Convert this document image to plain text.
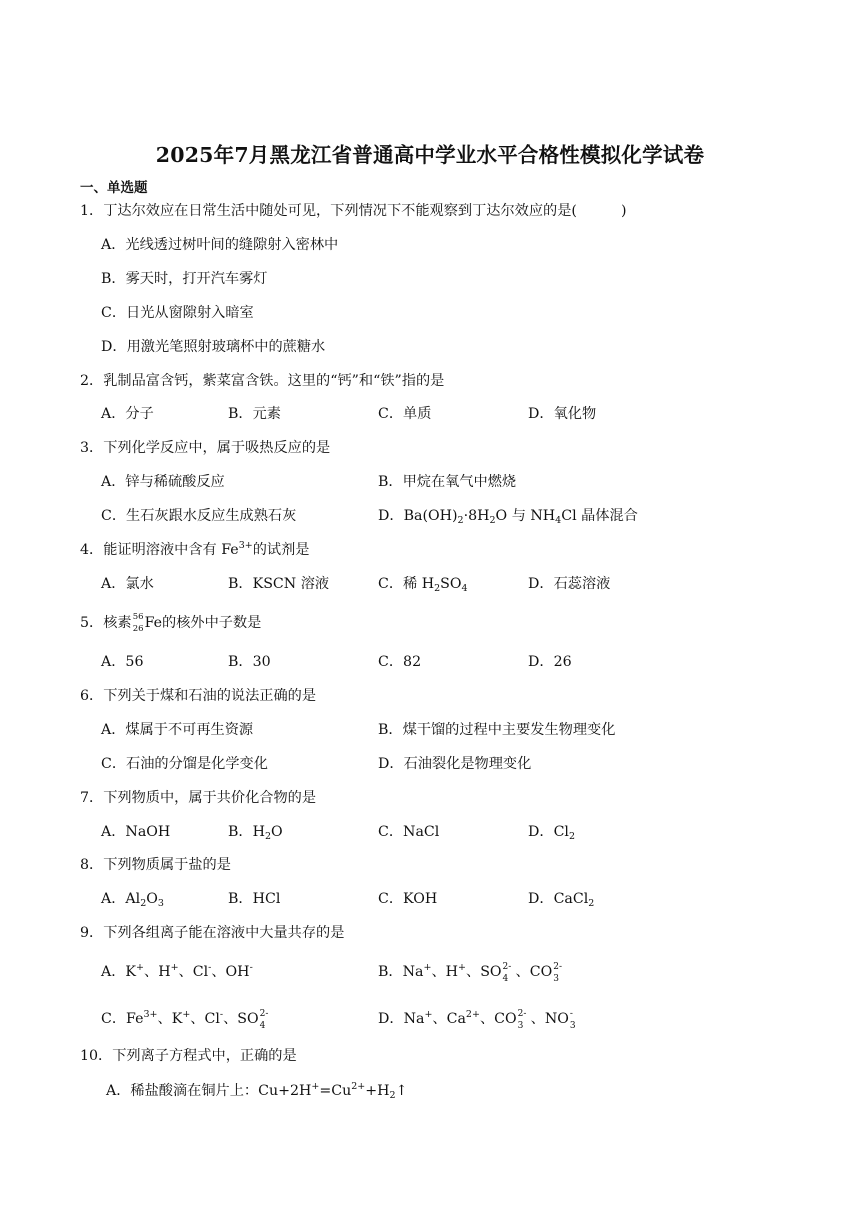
2025年7月黑龙江省普通高中学业水平合格性模拟化学试卷
一、单选题
1．丁达尔效应在日常生活中随处可见，下列情况下不能观察到丁达尔效应的是(	)
A．光线透过树叶间的缝隙射入密林中
B．雾天时，打开汽车雾灯
C．日光从窗隙射入暗室
D．用激光笔照射玻璃杯中的蔗糖水
2．乳制品富含钙，紫菜富含铁。这里的“钙”和“铁”指的是
A．分子	B．元素	C．单质	D．氧化物
3．下列化学反应中，属于吸热反应的是
A．锌与稀硫酸反应	B．甲烷在氧气中燃烧
C．生石灰跟水反应生成熟石灰	D．$Ba(OH)_2\cdot 8H_2O$ 与 $NH_4Cl$ 晶体混合
4．能证明溶液中含有 $Fe^{3+}$的试剂是
A．氯水	B．KSCN 溶液	C．稀 $H_2SO_4$	D．石蕊溶液
5．核素 56
26 Fe的核外中子数是
A．56	B．30	C．82	D．26
6．下列关于煤和石油的说法正确的是
A．煤属于不可再生资源	B．煤干馏的过程中主要发生物理变化
C．石油的分馏是化学变化	D．石油裂化是物理变化
7．下列物质中，属于共价化合物的是
A．NaOH	B．$H_2O$	C．NaCl	D．$Cl_2$
8．下列物质属于盐的是
A．$Al_2O_3$	B．HCl	C．KOH	D．CaCl$_2$
9．下列各组离子能在溶液中大量共存的是
A．K+、H+、Cl-、OH-	B．Na+、H+、SO 2-
4 、CO 2-
3
C．$Fe^{3+}$、K+、Cl-、SO 2-
4	D．Na+、$Ca^{2+}$、CO 2-
3 、NO -
3
10．下列离子方程式中，正确的是
A．稀盐酸滴在铜片上：$Cu+2H^+=Cu^{2+}+H_2↑$
